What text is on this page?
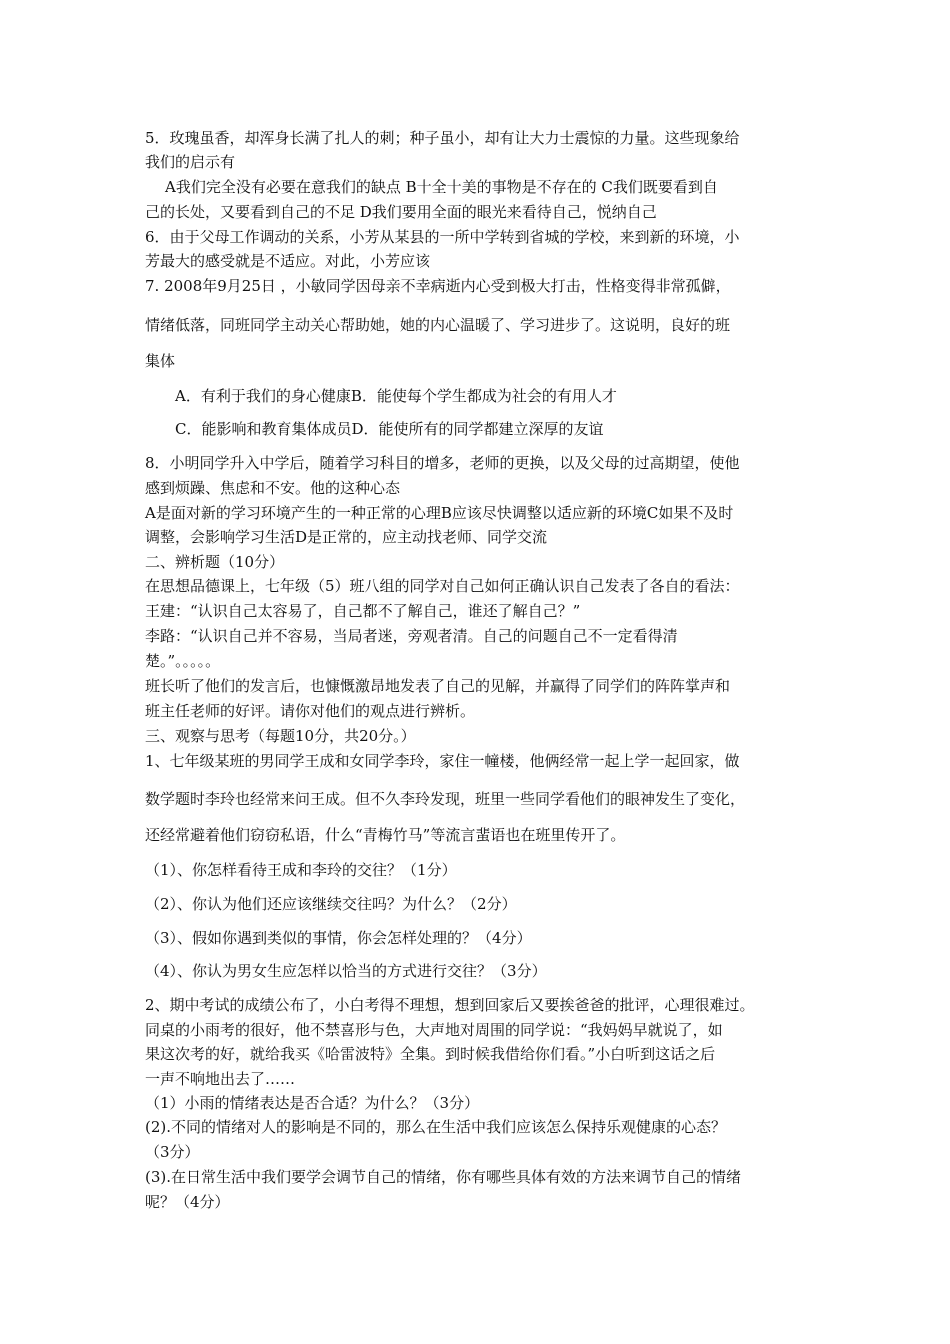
5．玫瑰虽香，却浑身长满了扎人的刺；种子虽小，却有让大力士震惊的力量。这些现象给
我们的启示有
A我们完全没有必要在意我们的缺点 B十全十美的事物是不存在的 C我们既要看到自
己的长处，又要看到自己的不足 D我们要用全面的眼光来看待自己，悦纳自己
6．由于父母工作调动的关系，小芳从某县的一所中学转到省城的学校，来到新的环境，小
芳最大的感受就是不适应。对此，小芳应该
7. 2008年9月25日 ，小敏同学因母亲不幸病逝内心受到极大打击，性格变得非常孤僻，
情绪低落，同班同学主动关心帮助她，她的内心温暖了、学习进步了。这说明，良好的班
集体
A．有利于我们的身心健康B．能使每个学生都成为社会的有用人才
C．能影响和教育集体成员D．能使所有的同学都建立深厚的友谊
8．小明同学升入中学后，随着学习科目的增多，老师的更换，以及父母的过高期望，使他
感到烦躁、焦虑和不安。他的这种心态
A是面对新的学习环境产生的一种正常的心理B应该尽快调整以适应新的环境C如果不及时
调整，会影响学习生活D是正常的，应主动找老师、同学交流
二、辨析题（10分）
在思想品德课上，七年级（5）班八组的同学对自己如何正确认识自己发表了各自的看法：
王建：“认识自己太容易了，自己都不了解自己，谁还了解自己？”
李路：“认识自己并不容易，当局者迷，旁观者清。自己的问题自己不一定看得清
楚。”。。。。。
班长听了他们的发言后，也慷慨激昂地发表了自己的见解，并赢得了同学们的阵阵掌声和
班主任老师的好评。请你对他们的观点进行辨析。
三、观察与思考（每题10分，共20分。）
1、七年级某班的男同学王成和女同学李玲，家住一幢楼，他俩经常一起上学一起回家，做
数学题时李玲也经常来问王成。但不久李玲发现，班里一些同学看他们的眼神发生了变化，
还经常避着他们窃窃私语，什么“青梅竹马”等流言蜚语也在班里传开了。
（1）、你怎样看待王成和李玲的交往？（1分）
（2）、你认为他们还应该继续交往吗？为什么？（2分）
（3）、假如你遇到类似的事情，你会怎样处理的？（4分）
（4）、你认为男女生应怎样以恰当的方式进行交往？（3分）
2、期中考试的成绩公布了，小白考得不理想，想到回家后又要挨爸爸的批评，心理很难过。
同桌的小雨考的很好，他不禁喜形与色，大声地对周围的同学说：“我妈妈早就说了，如
果这次考的好，就给我买《哈雷波特》全集。到时候我借给你们看。”小白听到这话之后
一声不响地出去了……
（1）小雨的情绪表达是否合适？为什么？（3分）
(2).不同的情绪对人的影响是不同的，那么在生活中我们应该怎么保持乐观健康的心态？
（3分）
(3).在日常生活中我们要学会调节自己的情绪，你有哪些具体有效的方法来调节自己的情绪
呢？（4分）
